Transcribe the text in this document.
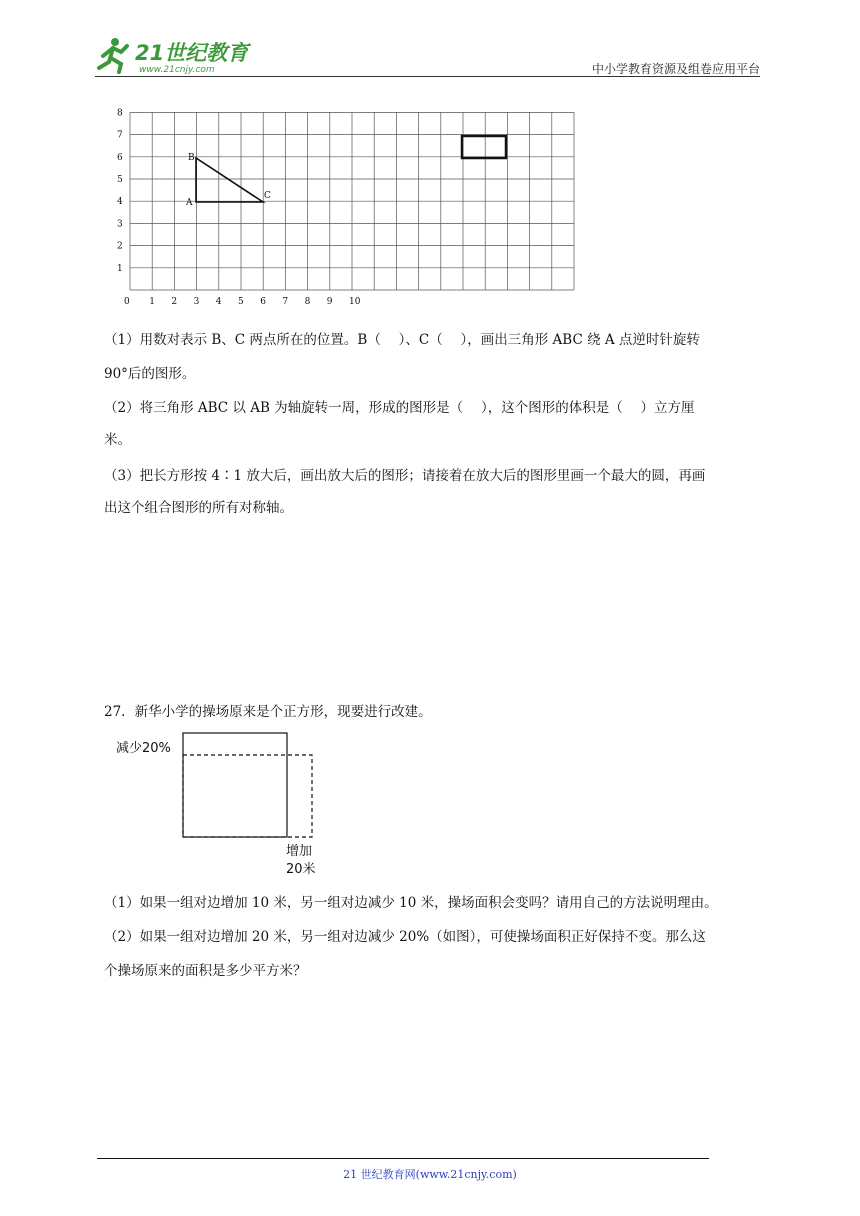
21世纪教育
www.21cnjy.com	中小学教育资源及组卷应用平台
0 1 2 3 4 5 6 7 8 9 10
1
2
3
4
5
6
7
8
A
B
C
（1）用数对表示 B、C 两点所在的位置。B（　 ）、C（　 ），画出三角形 ABC 绕 A 点逆时针旋转
90°后的图形。
（2）将三角形 ABC 以 AB 为轴旋转一周，形成的图形是（　 ），这个图形的体积是（　 ）立方厘
米。
（3）把长方形按 4∶1 放大后，画出放大后的图形；请接着在放大后的图形里画一个最大的圆，再画
出这个组合图形的所有对称轴。
27．新华小学的操场原来是个正方形，现要进行改建。
减少20%
增加
20米
（1）如果一组对边增加 10 米，另一组对边减少 10 米，操场面积会变吗？请用自己的方法说明理由。
（2）如果一组对边增加 20 米，另一组对边减少 20%（如图），可使操场面积正好保持不变。那么这
个操场原来的面积是多少平方米？
21 世纪教育网(www.21cnjy.com)
